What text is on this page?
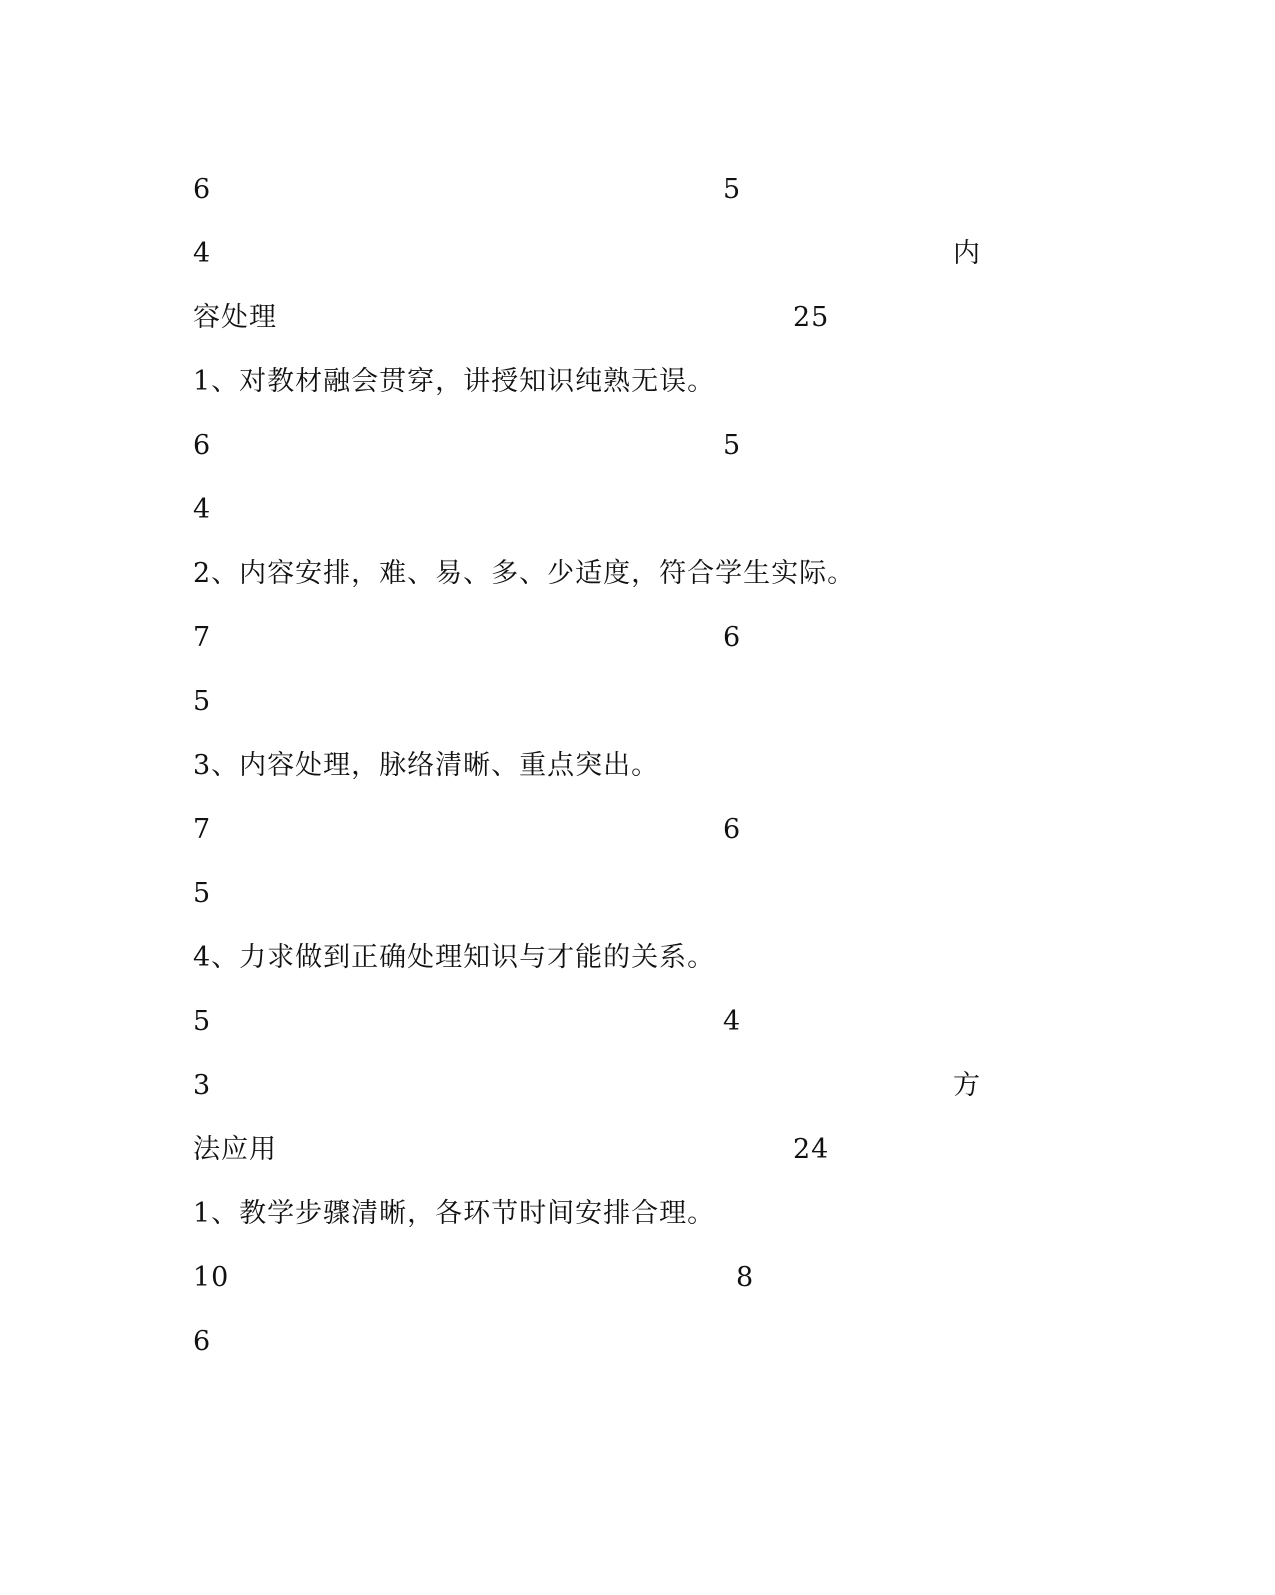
6	5
4	内
容处理	25
1、对教材融会贯穿，讲授知识纯熟无误。
6	5
4
2、内容安排，难、易、多、少适度，符合学生实际。
7	6
5
3、内容处理，脉络清晰、重点突出。
7	6
5
4、力求做到正确处理知识与才能的关系。
5	4
3	方
法应用	24
1、教学步骤清晰，各环节时间安排合理。
10	8
6
